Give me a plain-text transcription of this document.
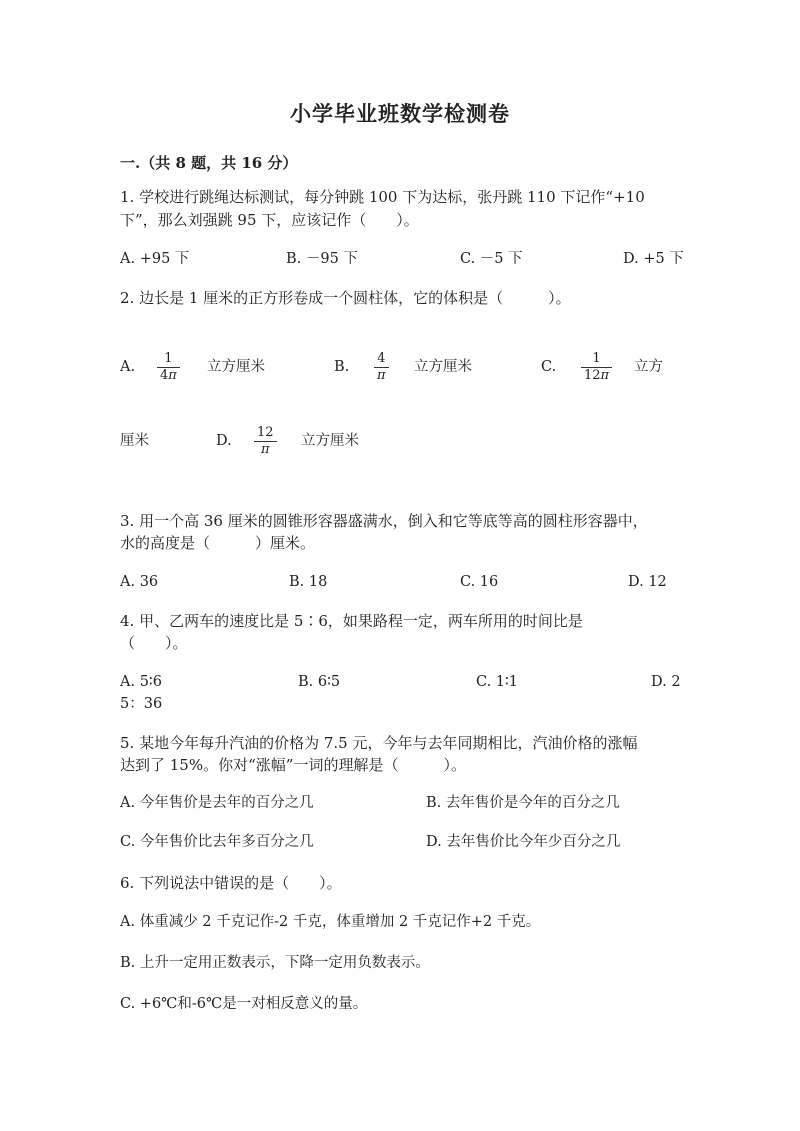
小学毕业班数学检测卷
一.（共 8 题，共 16 分）
1. 学校进行跳绳达标测试，每分钟跳 100 下为达标，张丹跳 110 下记作“+10
下”，那么刘强跳 95 下，应该记作（　　）。
A. +95 下	B. －95 下	C. －5 下	D. +5 下
2. 边长是 1 厘米的正方形卷成一个圆柱体，它的体积是（　　　）。
A.
1
4π
立方厘米	B.
4
π
立方厘米	C.
1
12π
立方
厘米	D.
12
π
立方厘米
3. 用一个高 36 厘米的圆锥形容器盛满水，倒入和它等底等高的圆柱形容器中，
水的高度是（　　　）厘米。
A. 36	B. 18	C. 16	D. 12
4. 甲、乙两车的速度比是 5∶6，如果路程一定，两车所用的时间比是
（　　）。
A. 5∶6	B. 6∶5	C. 1∶1	D. 2
5：36
5. 某地今年每升汽油的价格为 7.5 元，今年与去年同期相比，汽油价格的涨幅
达到了 15%。你对“涨幅”一词的理解是（　　　）。
A. 今年售价是去年的百分之几	B. 去年售价是今年的百分之几
C. 今年售价比去年多百分之几	D. 去年售价比今年少百分之几
6. 下列说法中错误的是（　　）。
A. 体重减少 2 千克记作-2 千克，体重增加 2 千克记作+2 千克。
B. 上升一定用正数表示，下降一定用负数表示。
C. +6℃和-6℃是一对相反意义的量。
